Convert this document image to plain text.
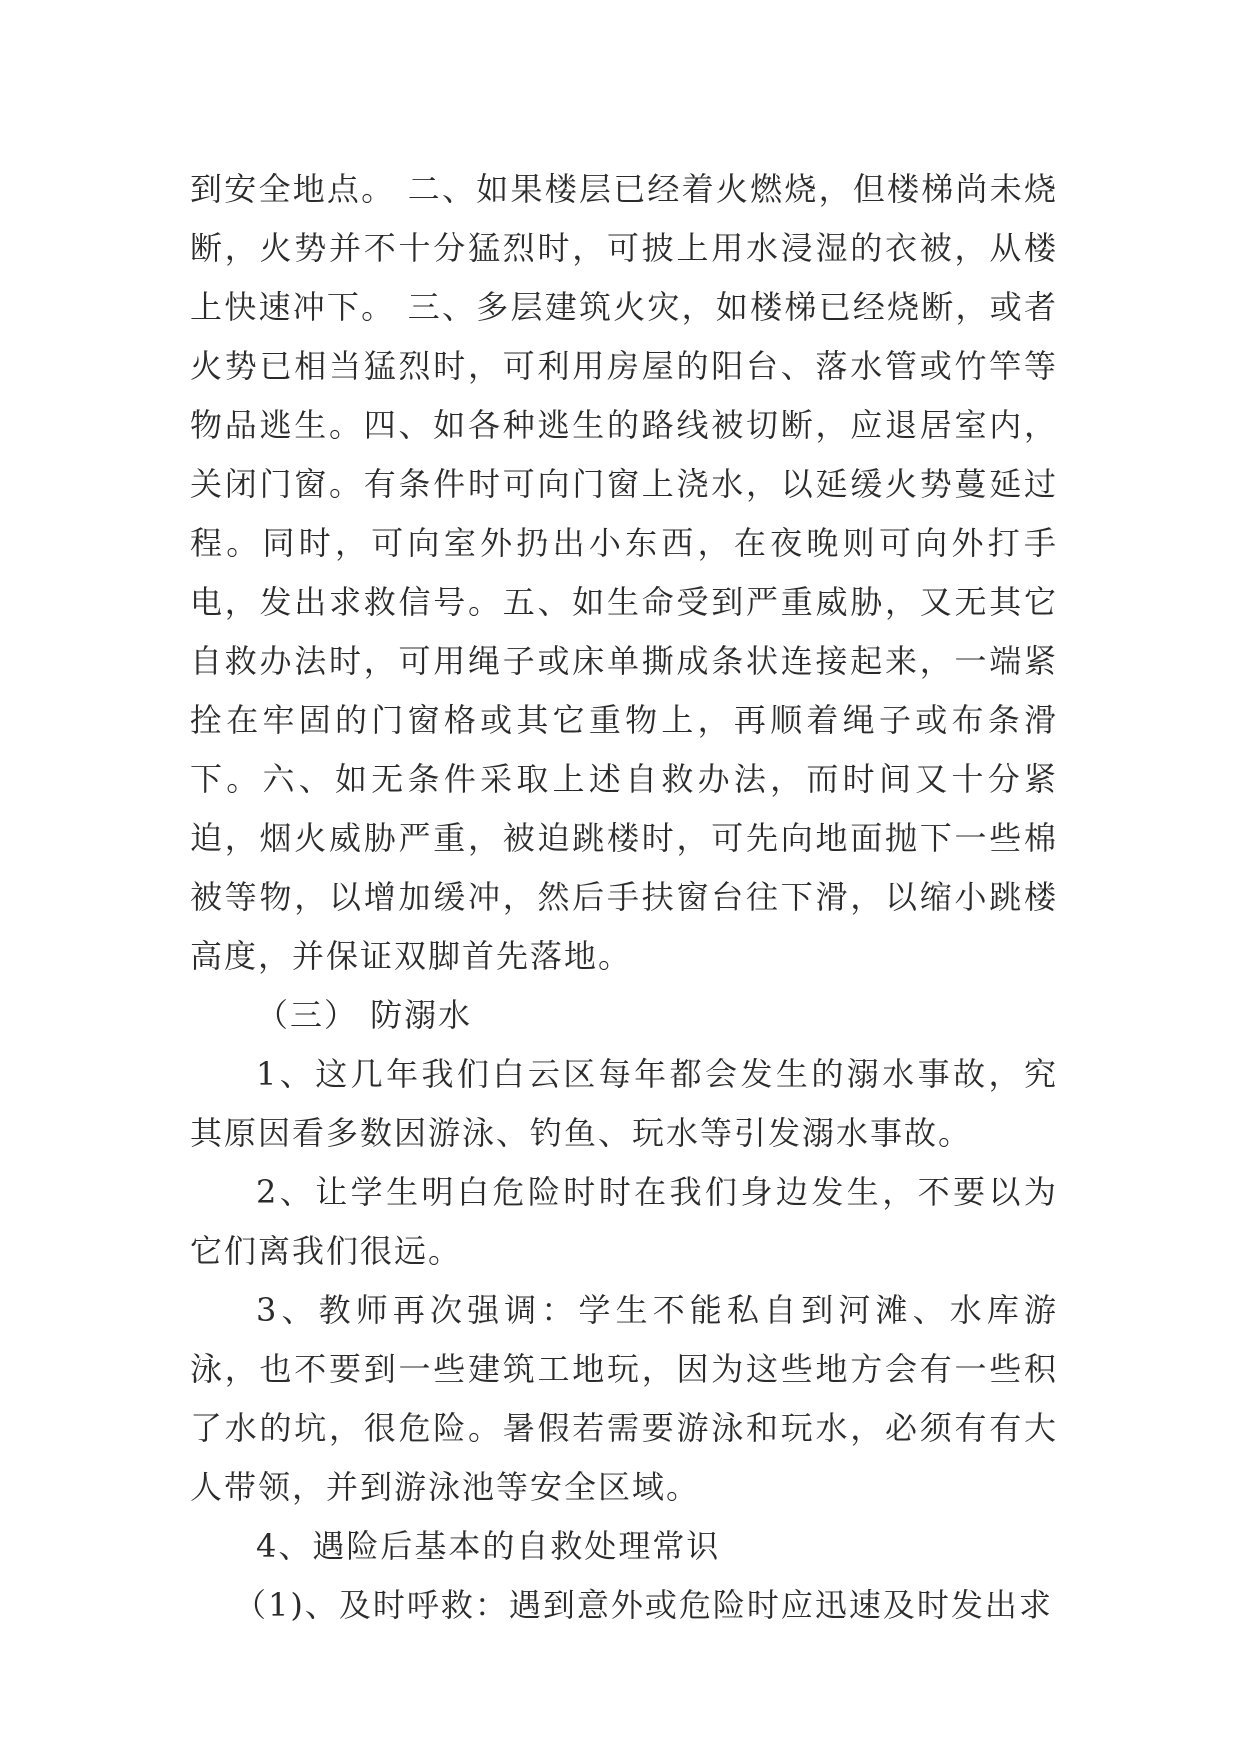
到安全地点。 二、如果楼层已经着火燃烧，但楼梯尚未烧断，火势并不十分猛烈时，可披上用水浸湿的衣被，从楼上快速冲下。 三、多层建筑火灾，如楼梯已经烧断，或者火势已相当猛烈时，可利用房屋的阳台、落水管或竹竿等物品逃生。四、如各种逃生的路线被切断，应退居室内，关闭门窗。有条件时可向门窗上浇水，以延缓火势蔓延过程。同时，可向室外扔出小东西，在夜晚则可向外打手电，发出求救信号。五、如生命受到严重威胁，又无其它自救办法时，可用绳子或床单撕成条状连接起来，一端紧拴在牢固的门窗格或其它重物上，再顺着绳子或布条滑下。六、如无条件采取上述自救办法，而时间又十分紧迫，烟火威胁严重，被迫跳楼时，可先向地面抛下一些棉被等物，以增加缓冲，然后手扶窗台往下滑，以缩小跳楼高度，并保证双脚首先落地。

（三） 防溺水

1、这几年我们白云区每年都会发生的溺水事故，究其原因看多数因游泳、钓鱼、玩水等引发溺水事故。

2、让学生明白危险时时在我们身边发生，不要以为它们离我们很远。

3、教师再次强调：学生不能私自到河滩、水库游泳，也不要到一些建筑工地玩，因为这些地方会有一些积了水的坑，很危险。暑假若需要游泳和玩水，必须有有大人带领，并到游泳池等安全区域。

4、遇险后基本的自救处理常识

（1)、及时呼救：遇到意外或危险时应迅速及时发出求
